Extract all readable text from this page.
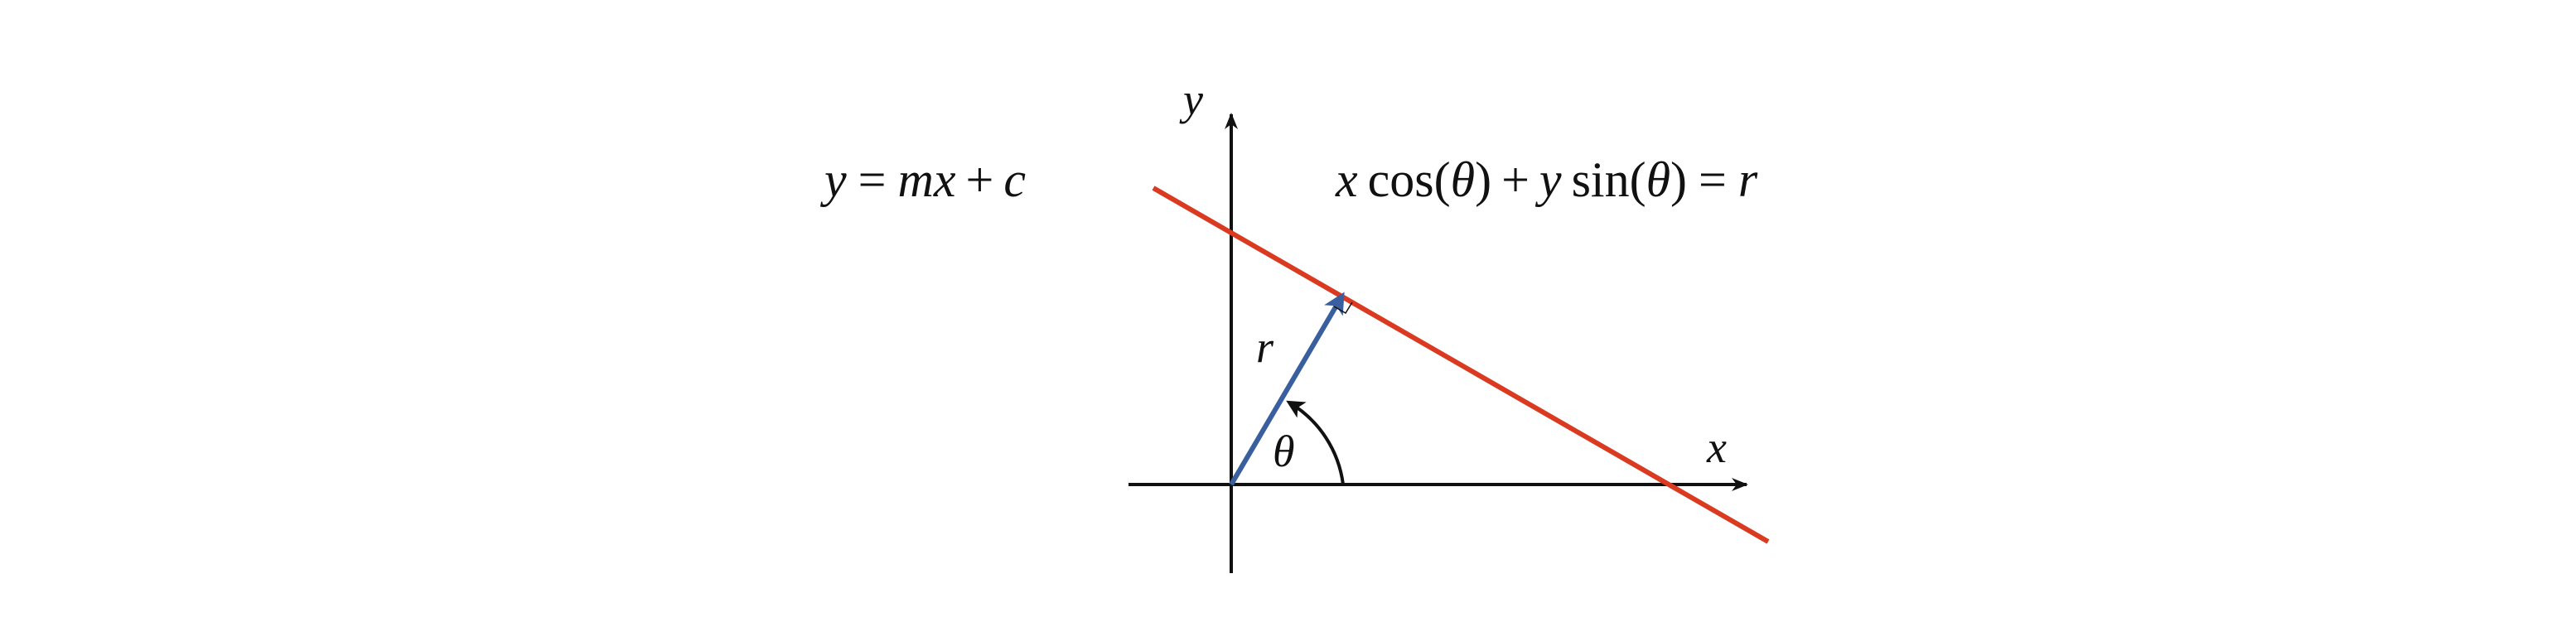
y = mx + c	x cos(θ) + y sin(θ) = r
y
x
r
θ
